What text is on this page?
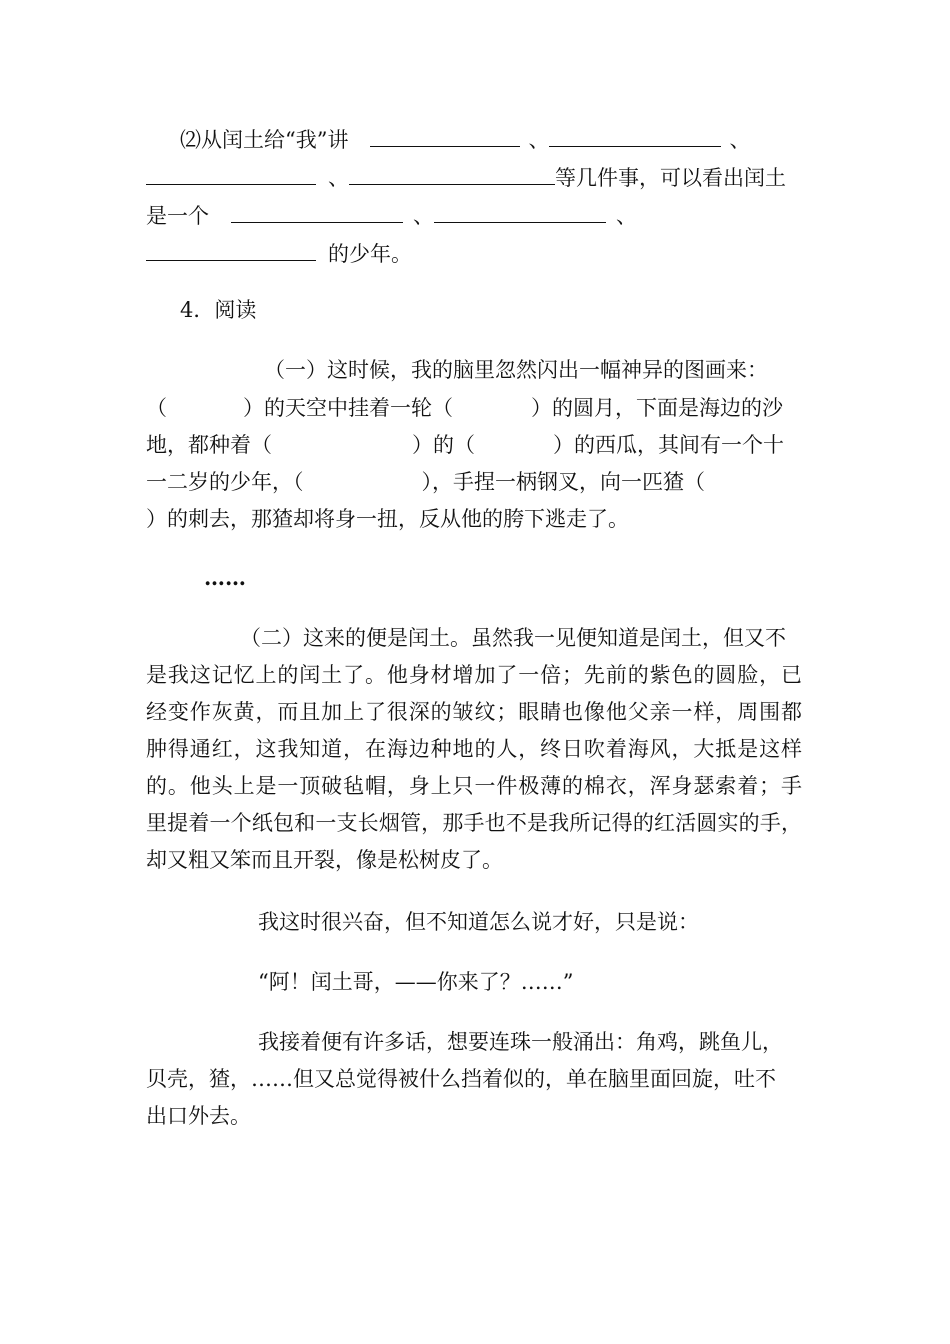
⑵从闰土给“我”讲	、	、
、	等几件事，可以看出闰土
是一个	、	、
的少年。
4．阅读
（一）这时候，我的脑里忽然闪出一幅神异的图画来：
（	）的天空中挂着一轮（	）的圆月，下面是海边的沙
地，都种着（	）的（	）的西瓜，其间有一个十
一二岁的少年，（	），手捏一柄钢叉，向一匹猹（
）的刺去，那猹却将身一扭，反从他的胯下逃走了。
……
（二）这来的便是闰土。虽然我一见便知道是闰土，但又不
是我这记忆上的闰土了。他身材增加了一倍；先前的紫色的圆脸，已
经变作灰黄，而且加上了很深的皱纹；眼睛也像他父亲一样，周围都
肿得通红，这我知道，在海边种地的人，终日吹着海风，大抵是这样
的。他头上是一顶破毡帽，身上只一件极薄的棉衣，浑身瑟索着；手
里提着一个纸包和一支长烟管，那手也不是我所记得的红活圆实的手，
却又粗又笨而且开裂，像是松树皮了。
我这时很兴奋，但不知道怎么说才好，只是说：
“阿！闰土哥，——你来了？……”
我接着便有许多话，想要连珠一般涌出：角鸡，跳鱼儿，
贝壳，猹，……但又总觉得被什么挡着似的，单在脑里面回旋，吐不
出口外去。
